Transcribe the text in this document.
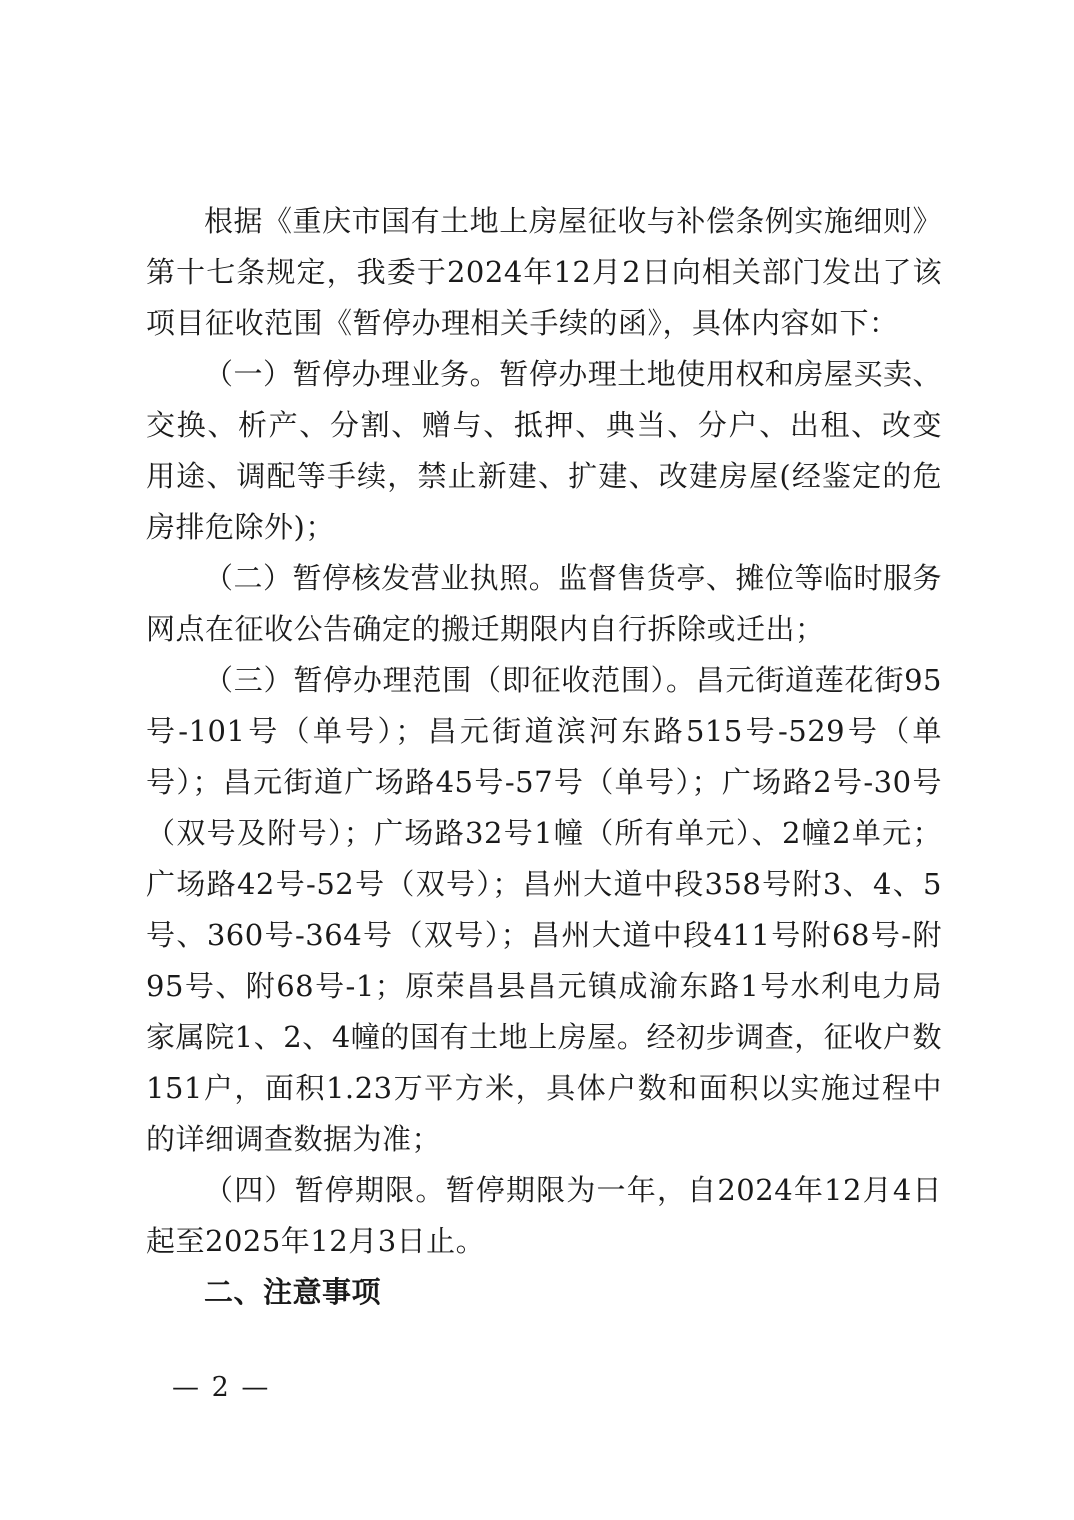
根据《重庆市国有土地上房屋征收与补偿条例实施细则》第十七条规定，我委于2024年12月2日向相关部门发出了该项目征收范围《暂停办理相关手续的函》，具体内容如下：

（一）暂停办理业务。暂停办理土地使用权和房屋买卖、交换、析产、分割、赠与、抵押、典当、分户、出租、改变用途、调配等手续，禁止新建、扩建、改建房屋(经鉴定的危房排危除外)；

（二）暂停核发营业执照。监督售货亭、摊位等临时服务网点在征收公告确定的搬迁期限内自行拆除或迁出；

（三）暂停办理范围（即征收范围）。昌元街道莲花街95号-101号（单号）；昌元街道滨河东路515号-529号（单号）；昌元街道广场路45号-57号（单号）；广场路2号-30号（双号及附号）；广场路32号1幢（所有单元）、2幢2单元；广场路42号-52号（双号）；昌州大道中段358号附3、4、5号、360号-364号（双号）；昌州大道中段411号附68号-附95号、附68号-1；原荣昌县昌元镇成渝东路1号水利电力局家属院1、2、4幢的国有土地上房屋。经初步调查，征收户数151户，面积1.23万平方米，具体户数和面积以实施过程中的详细调查数据为准；

（四）暂停期限。暂停期限为一年，自2024年12月4日起至2025年12月3日止。

二、注意事项

— 2 —
